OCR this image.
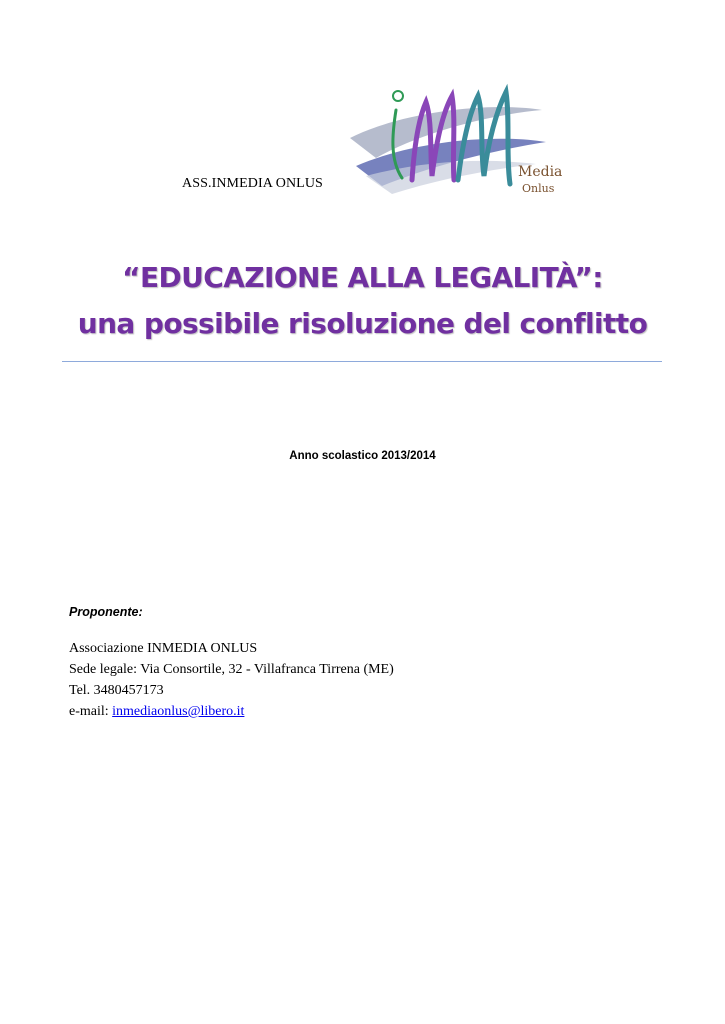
ASS.INMEDIA ONLUS
Media
Onlus
“EDUCAZIONE ALLA LEGALITÀ”:
una possibile risoluzione del conflitto
Anno scolastico 2013/2014
Proponente:
Associazione INMEDIA ONLUS
Sede legale: Via Consortile, 32 - Villafranca Tirrena (ME)
Tel. 3480457173
e-mail: inmediaonlus@libero.it
